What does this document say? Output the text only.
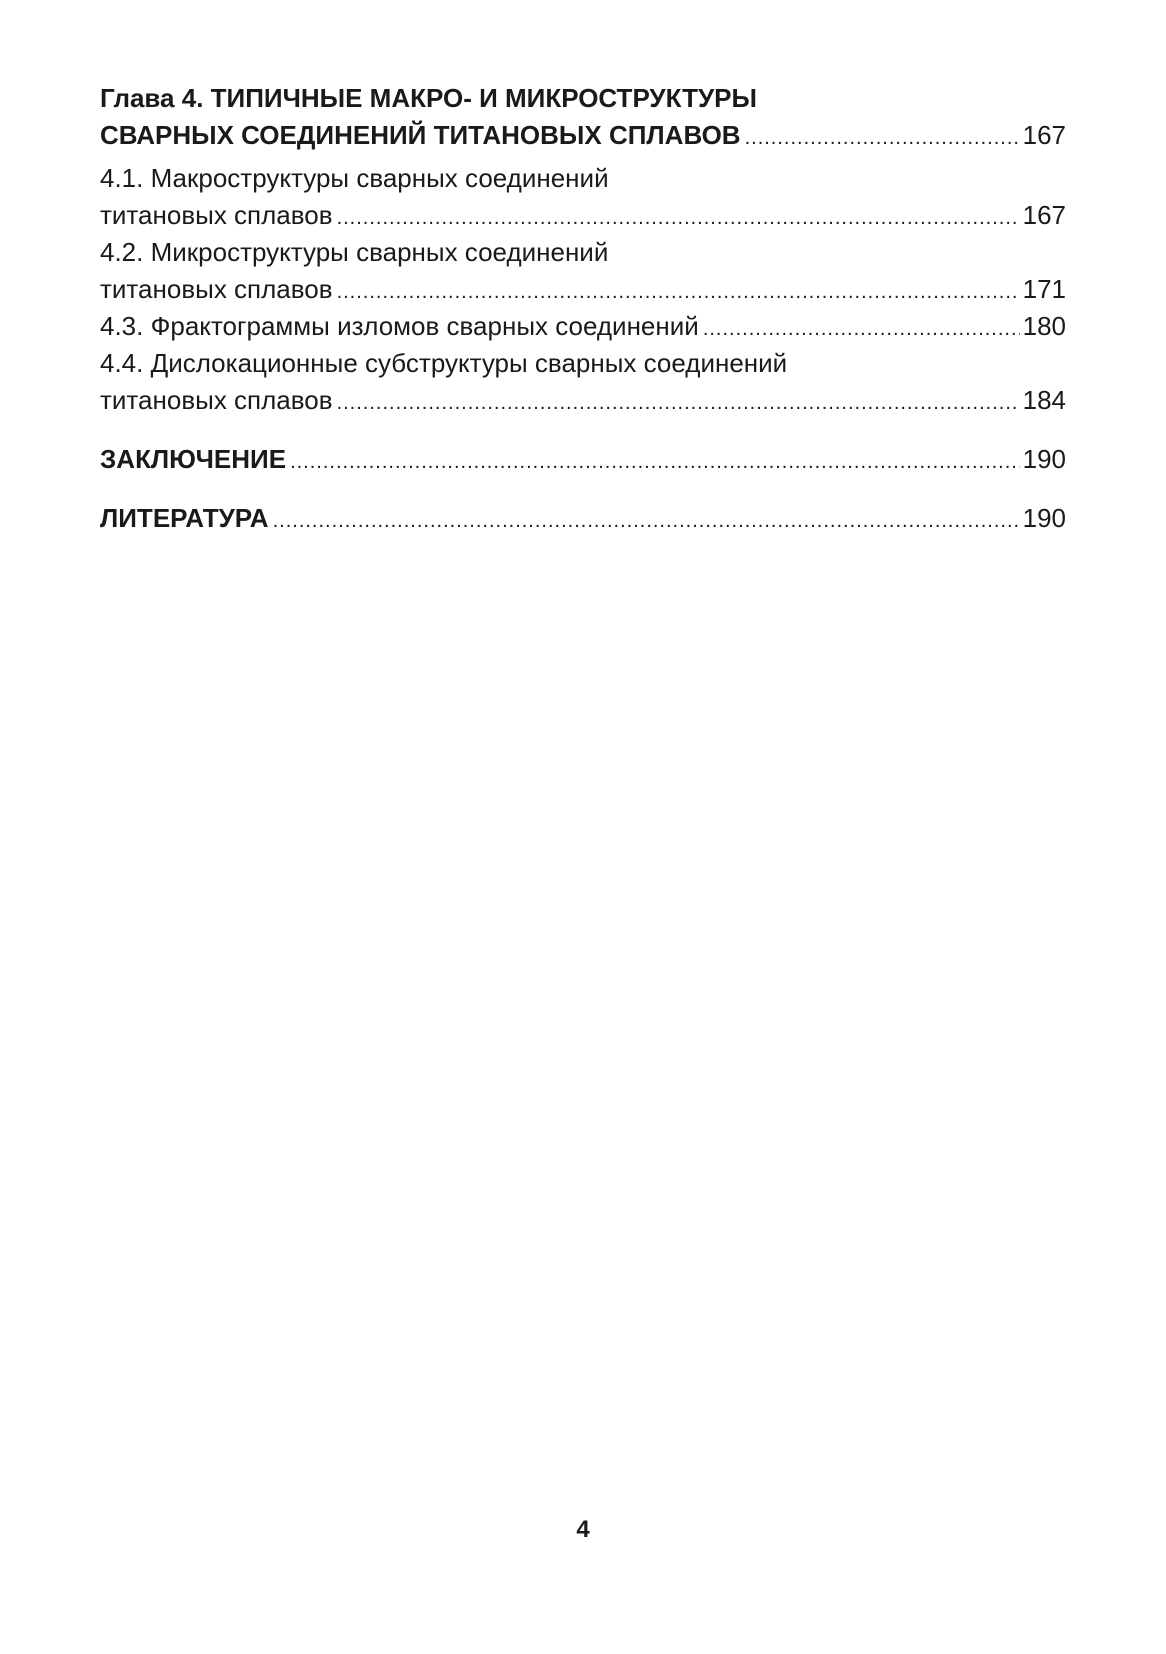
Глава 4. ТИПИЧНЫЕ МАКРО- И МИКРОСТРУКТУРЫ
СВАРНЫХ СОЕДИНЕНИЙ ТИТАНОВЫХ СПЛАВОВ .....	167
4.1. Макроструктуры сварных соединений
титановых сплавов .....	167
4.2. Микроструктуры сварных соединений
титановых сплавов .....	171
4.3. Фрактограммы изломов сварных соединений .....	180
4.4. Дислокационные субструктуры сварных соединений
титановых сплавов .....	184
ЗАКЛЮЧЕНИЕ .....	190
ЛИТЕРАТУРА .....	190
4
